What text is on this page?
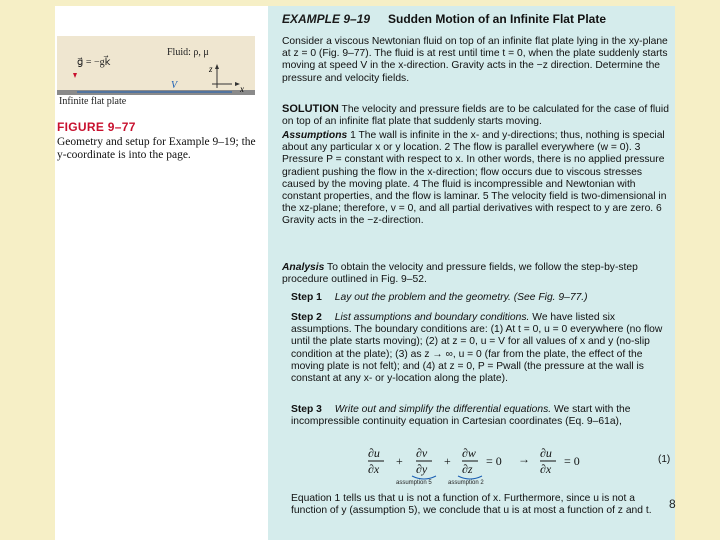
g⃗ = −gk⃗
Fluid: ρ, μ
V
z
x
Infinite flat plate
FIGURE 9–77
Geometry and setup for Example 9–19; the y-coordinate is into the page.
EXAMPLE 9–19 Sudden Motion of an Infinite Flat Plate
Consider a viscous Newtonian fluid on top of an infinite flat plate lying in the xy-plane at z = 0 (Fig. 9–77). The fluid is at rest until time t = 0, when the plate suddenly starts moving at speed V in the x-direction. Gravity acts in the −z direction. Determine the pressure and velocity fields.
SOLUTION The velocity and pressure fields are to be calculated for the case of fluid on top of an infinite flat plate that suddenly starts moving.
Assumptions 1 The wall is infinite in the x- and y-directions; thus, nothing is special about any particular x or y location. 2 The flow is parallel everywhere (w = 0). 3 Pressure P = constant with respect to x. In other words, there is no applied pressure gradient pushing the flow in the x-direction; flow occurs due to viscous stresses caused by the moving plate. 4 The fluid is incompressible and Newtonian with constant properties, and the flow is laminar. 5 The velocity field is two-dimensional in the xz-plane; therefore, v = 0, and all partial derivatives with respect to y are zero. 6 Gravity acts in the −z-direction.
Analysis To obtain the velocity and pressure fields, we follow the step-by-step procedure outlined in Fig. 9–52.
Step 1 Lay out the problem and the geometry. (See Fig. 9–77.)
Step 2 List assumptions and boundary conditions. We have listed six assumptions. The boundary conditions are: (1) At t = 0, u = 0 everywhere (no flow until the plate starts moving); (2) at z = 0, u = V for all values of x and y (no-slip condition at the plate); (3) as z → ∞, u = 0 (far from the plate, the effect of the moving plate is not felt); and (4) at z = 0, P = Pwall (the pressure at the wall is constant at any x- or y-location along the plate).
Step 3 Write out and simplify the differential equations. We start with the incompressible continuity equation in Cartesian coordinates (Eq. 9–61a),
∂u
∂x
+
∂v
∂y
+
∂w
∂z
= 0 → ∂u
∂x
= 0
assumption 5	assumption 2
(1)
Equation 1 tells us that u is not a function of x. Furthermore, since u is not a function of y (assumption 5), we conclude that u is at most a function of z and t.	8
